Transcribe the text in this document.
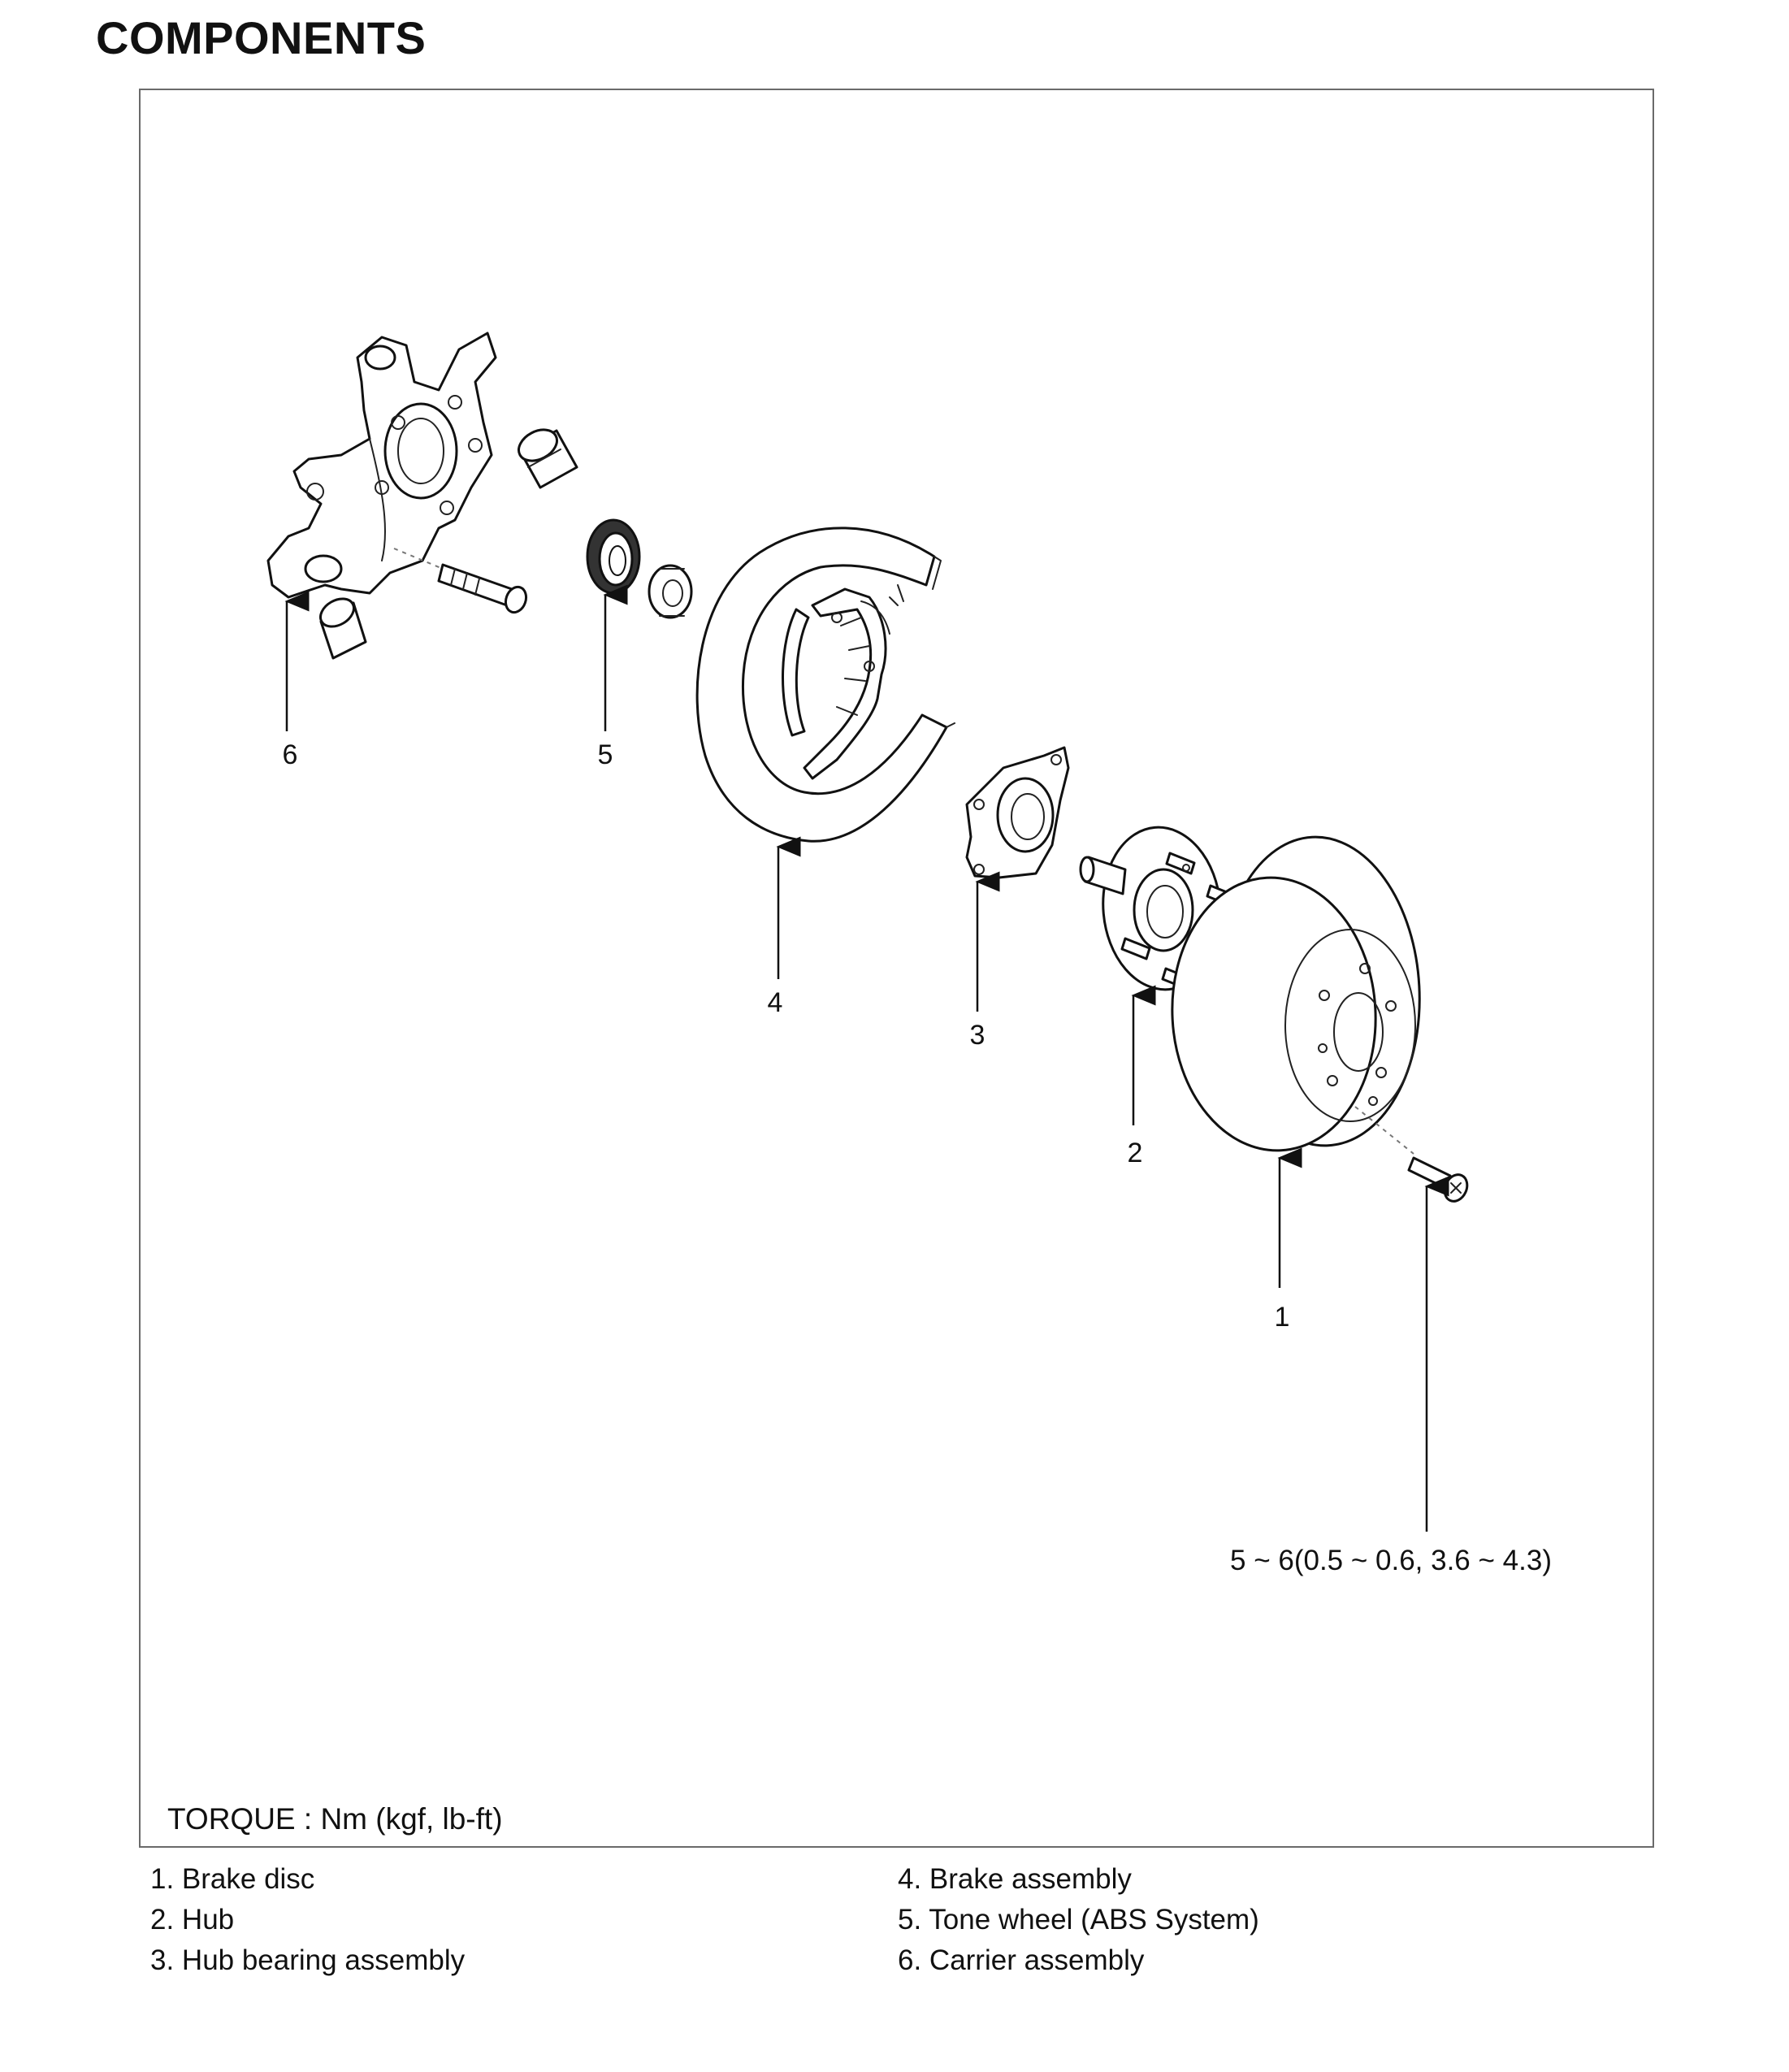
COMPONENTS
6	5
4
3
2
1
5 ~ 6(0.5 ~ 0.6, 3.6 ~ 4.3)
TORQUE : Nm (kgf, lb-ft)
1. Brake disc
2. Hub
3. Hub bearing assembly
4. Brake assembly
5. Tone wheel (ABS System)
6. Carrier assembly
